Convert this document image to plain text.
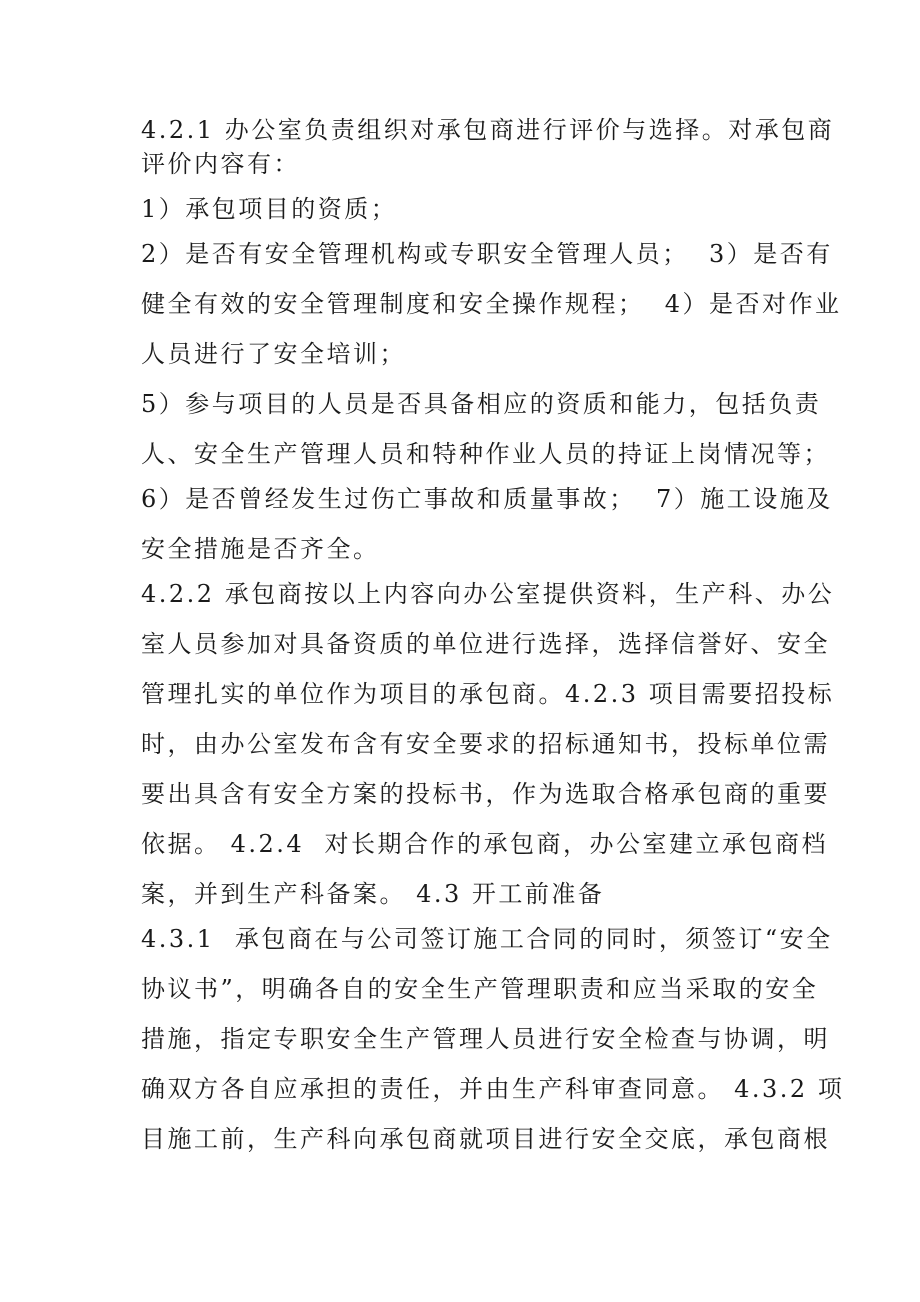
4.2.1 办公室负责组织对承包商进行评价与选择。对承包商
评价内容有：
1）承包项目的资质；
2）是否有安全管理机构或专职安全管理人员；  3）是否有
健全有效的安全管理制度和安全操作规程；  4）是否对作业
人员进行了安全培训；
5）参与项目的人员是否具备相应的资质和能力，包括负责
人、安全生产管理人员和特种作业人员的持证上岗情况等；
6）是否曾经发生过伤亡事故和质量事故；  7）施工设施及
安全措施是否齐全。
4.2.2 承包商按以上内容向办公室提供资料，生产科、办公
室人员参加对具备资质的单位进行选择，选择信誉好、安全
管理扎实的单位作为项目的承包商。4.2.3 项目需要招投标
时，由办公室发布含有安全要求的招标通知书，投标单位需
要出具含有安全方案的投标书，作为选取合格承包商的重要
依据。 4.2.4  对长期合作的承包商，办公室建立承包商档
案，并到生产科备案。 4.3 开工前准备
4.3.1  承包商在与公司签订施工合同的同时，须签订“安全
协议书”，明确各自的安全生产管理职责和应当采取的安全
措施，指定专职安全生产管理人员进行安全检查与协调，明
确双方各自应承担的责任，并由生产科审查同意。 4.3.2 项
目施工前，生产科向承包商就项目进行安全交底，承包商根
